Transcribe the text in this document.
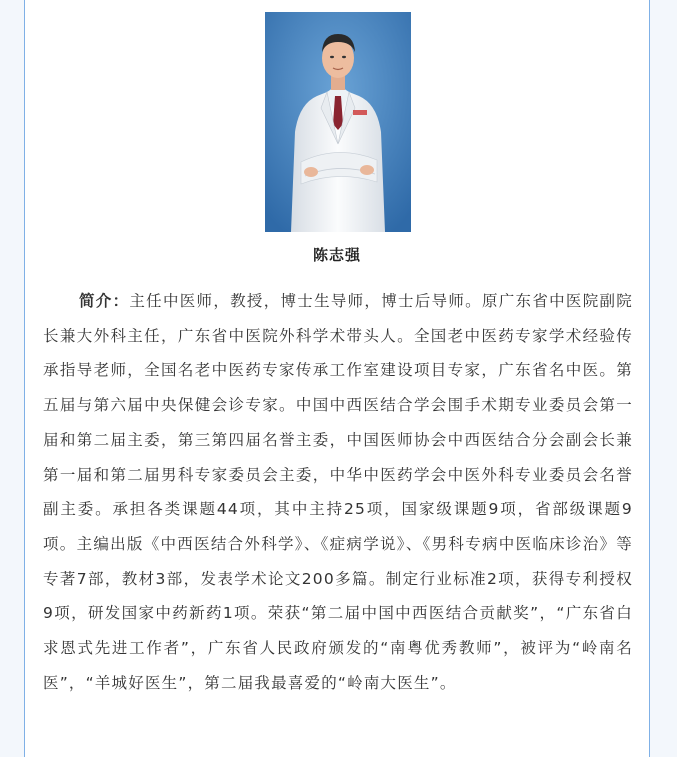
陈志强
简介：主任中医师，教授，博士生导师，博士后导师。原广东省中医院副院长兼大外科主任，广东省中医院外科学术带头人。全国老中医药专家学术经验传承指导老师，全国名老中医药专家传承工作室建设项目专家，广东省名中医。第五届与第六届中央保健会诊专家。中国中西医结合学会围手术期专业委员会第一届和第二届主委，第三第四届名誉主委，中国医师协会中西医结合分会副会长兼第一届和第二届男科专家委员会主委，中华中医药学会中医外科专业委员会名誉副主委。承担各类课题44项，其中主持25项，国家级课题9项，省部级课题9项。主编出版《中西医结合外科学》、《症病学说》、《男科专病中医临床诊治》等专著7部，教材3部，发表学术论文200多篇。制定行业标准2项，获得专利授权9项，研发国家中药新药1项。荣获“第二届中国中西医结合贡献奖”，“广东省白求恩式先进工作者”，广东省人民政府颁发的“南粤优秀教师”，被评为“岭南名医”，“羊城好医生”，第二届我最喜爱的“岭南大医生”。
